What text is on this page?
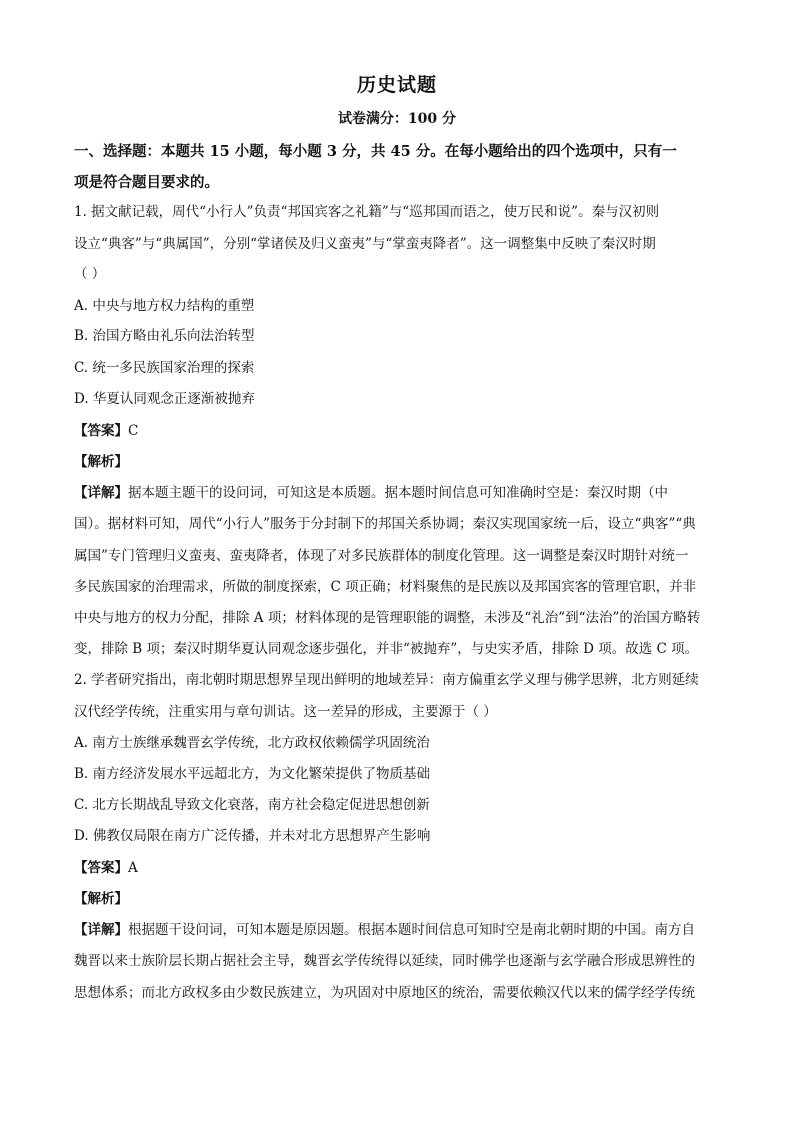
历史试题
试卷满分：100 分
一、选择题：本题共 15 小题，每小题 3 分，共 45 分。在每小题给出的四个选项中，只有一
项是符合题目要求的。
1. 据文献记载，周代“小行人”负责“邦国宾客之礼籍”与“巡邦国而语之，使万民和说”。秦与汉初则
设立“典客”与“典属国”，分别“掌诸侯及归义蛮夷”与“掌蛮夷降者”。这一调整集中反映了秦汉时期
（ ）
A. 中央与地方权力结构的重塑
B. 治国方略由礼乐向法治转型
C. 统一多民族国家治理的探索
D. 华夏认同观念正逐渐被抛弃
【答案】C
【解析】
【详解】据本题主题干的设问词，可知这是本质题。据本题时间信息可知准确时空是：秦汉时期（中
国）。据材料可知，周代“小行人”服务于分封制下的邦国关系协调；秦汉实现国家统一后，设立“典客”“典
属国”专门管理归义蛮夷、蛮夷降者，体现了对多民族群体的制度化管理。这一调整是秦汉时期针对统一
多民族国家的治理需求，所做的制度探索，C 项正确；材料聚焦的是民族以及邦国宾客的管理官职，并非
中央与地方的权力分配，排除 A 项；材料体现的是管理职能的调整，未涉及“礼治”到“法治”的治国方略转
变，排除 B 项；秦汉时期华夏认同观念逐步强化，并非“被抛弃”，与史实矛盾，排除 D 项。故选 C 项。
2. 学者研究指出，南北朝时期思想界呈现出鲜明的地域差异：南方偏重玄学义理与佛学思辨，北方则延续
汉代经学传统，注重实用与章句训诂。这一差异的形成，主要源于（ ）
A. 南方士族继承魏晋玄学传统，北方政权依赖儒学巩固统治
B. 南方经济发展水平远超北方，为文化繁荣提供了物质基础
C. 北方长期战乱导致文化衰落，南方社会稳定促进思想创新
D. 佛教仅局限在南方广泛传播，并未对北方思想界产生影响
【答案】A
【解析】
【详解】根据题干设问词，可知本题是原因题。根据本题时间信息可知时空是南北朝时期的中国。南方自
魏晋以来士族阶层长期占据社会主导，魏晋玄学传统得以延续，同时佛学也逐渐与玄学融合形成思辨性的
思想体系；而北方政权多由少数民族建立，为巩固对中原地区的统治，需要依赖汉代以来的儒学经学传统
